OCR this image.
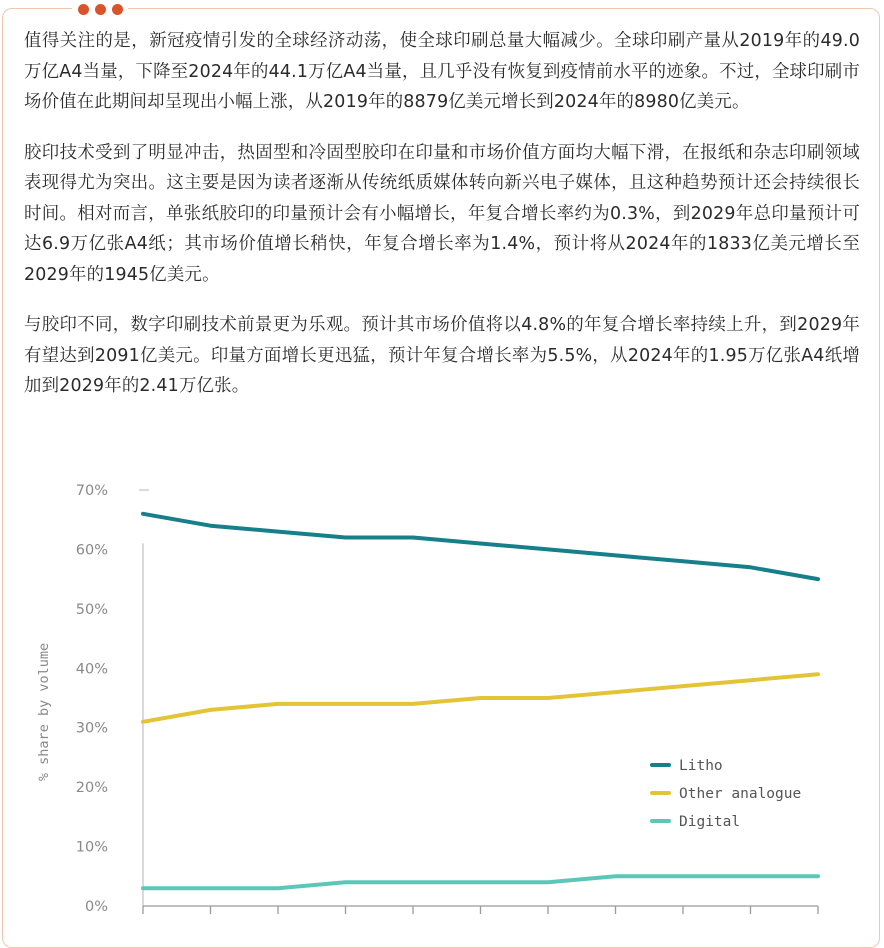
值得关注的是，新冠疫情引发的全球经济动荡，使全球印刷总量大幅减少。全球印刷产量从2019年的49.0万亿A4当量，下降至2024年的44.1万亿A4当量，且几乎没有恢复到疫情前水平的迹象。不过，全球印刷市场价值在此期间却呈现出小幅上涨，从2019年的8879亿美元增长到2024年的8980亿美元。

胶印技术受到了明显冲击，热固型和冷固型胶印在印量和市场价值方面均大幅下滑，在报纸和杂志印刷领域表现得尤为突出。这主要是因为读者逐渐从传统纸质媒体转向新兴电子媒体，且这种趋势预计还会持续很长时间。相对而言，单张纸胶印的印量预计会有小幅增长，年复合增长率约为0.3%，到2029年总印量预计可达6.9万亿张A4纸；其市场价值增长稍快，年复合增长率为1.4%，预计将从2024年的1833亿美元增长至2029年的1945亿美元。

与胶印不同，数字印刷技术前景更为乐观。预计其市场价值将以4.8%的年复合增长率持续上升，到2029年有望达到2091亿美元。印量方面增长更迅猛，预计年复合增长率为5.5%，从2024年的1.95万亿张A4纸增加到2029年的2.41万亿张。

0%
10%
20%
30%
40%
50%
60%
70%
% share by volume	Litho
Other analogue
Digital
